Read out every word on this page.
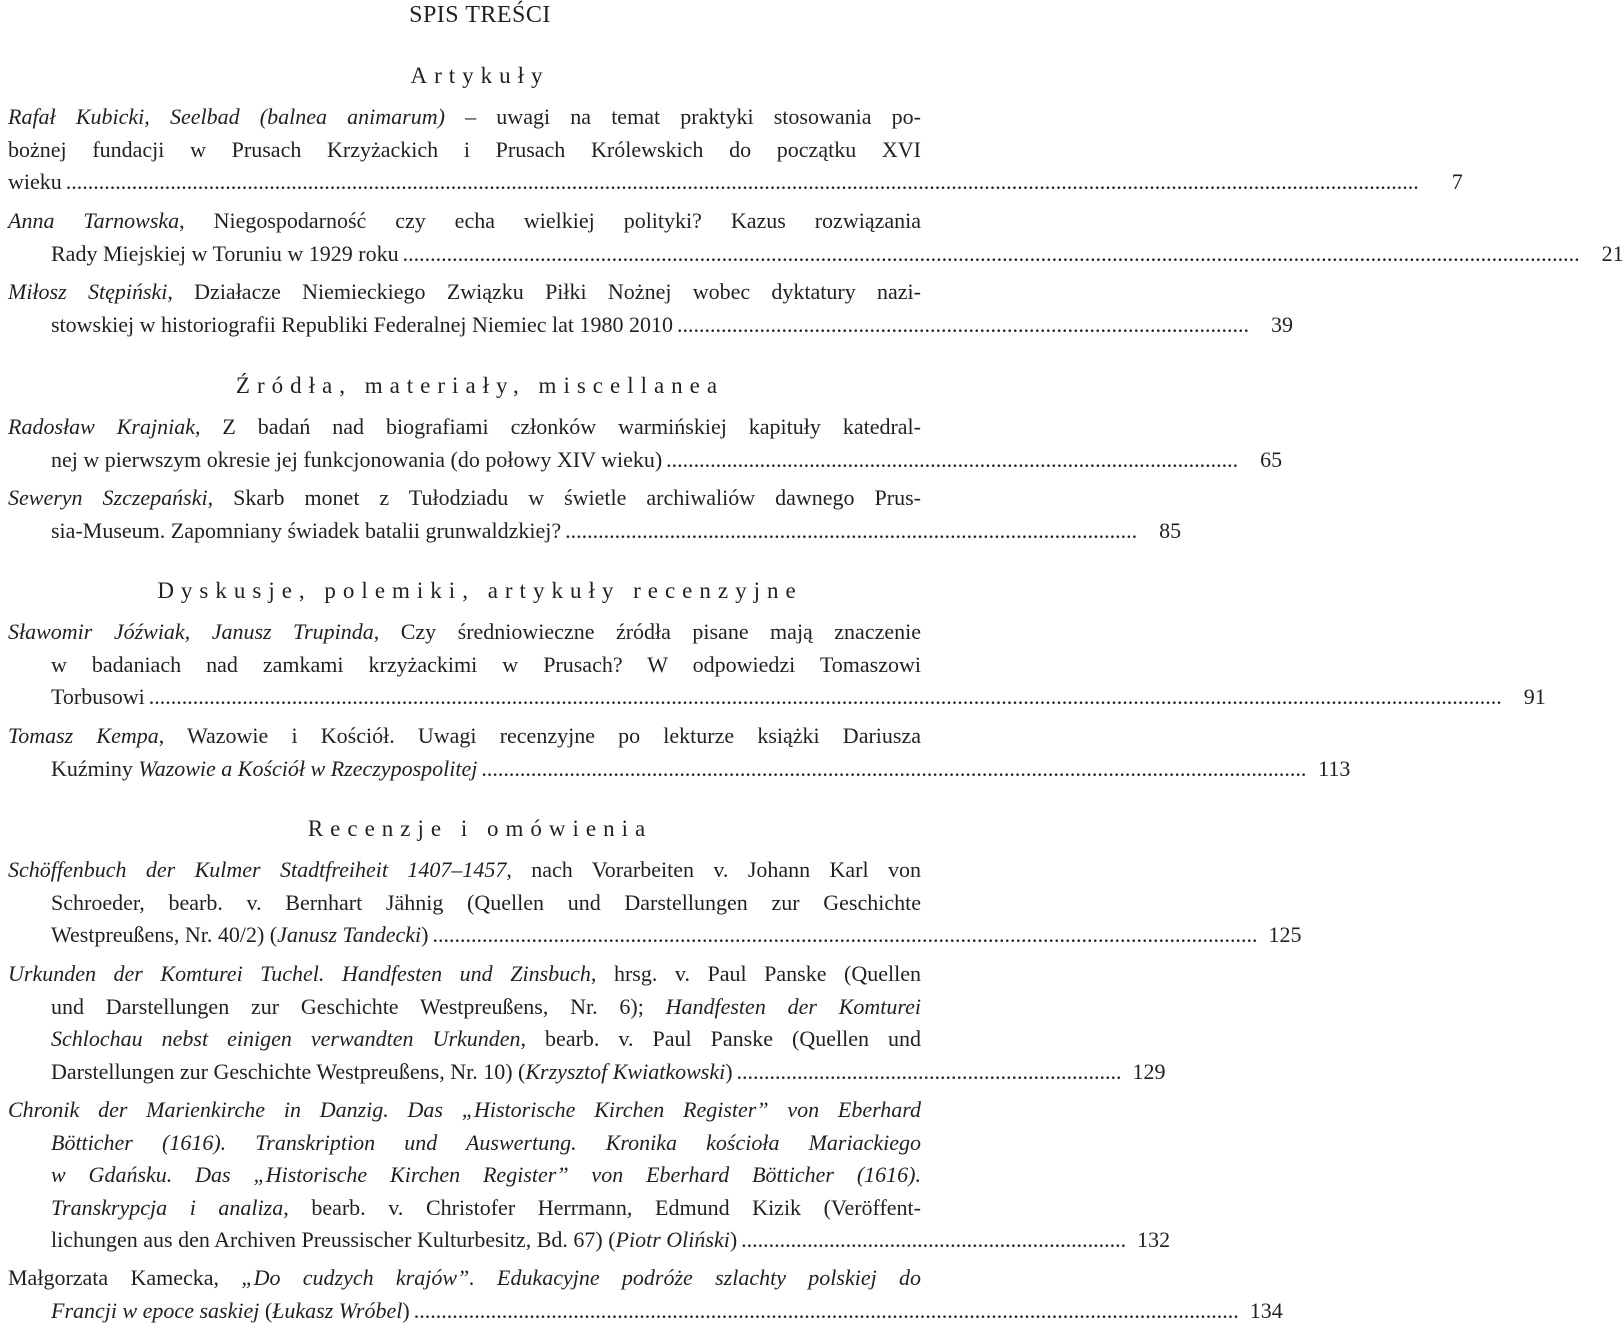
SPIS TREŚCI
Artykuły
Rafał Kubicki, Seelbad (balnea animarum) – uwagi na temat praktyki stosowania po-
bożnej fundacji w Prusach Krzyżackich i Prusach Królewskich do początku XVI
wieku ......................................................................................................................................................................................................................................................	7
Anna Tarnowska, Niegospodarność czy echa wielkiej polityki? Kazus rozwiązania
Rady Miejskiej w Toruniu w 1929 roku ......................................................................................................................................................................................................................	21
Miłosz Stępiński, Działacze Niemieckiego Związku Piłki Nożnej wobec dyktatury nazi-
stowskiej w historiografii Republiki Federalnej Niemiec lat 1980 2010 ........................................................................................................	39
Źródła, materiały, miscellanea
Radosław Krajniak, Z badań nad biografiami członków warmińskiej kapituły katedral-
nej w pierwszym okresie jej funkcjonowania (do połowy XIV wieku) ........................................................................................................	65
Seweryn Szczepański, Skarb monet z Tułodziadu w świetle archiwaliów dawnego Prus-
sia-Museum. Zapomniany świadek batalii grunwaldzkiej? ........................................................................................................	85
Dyskusje, polemiki, artykuły recenzyjne
Sławomir Jóźwiak, Janusz Trupinda, Czy średniowieczne źródła pisane mają znaczenie
w badaniach nad zamkami krzyżackimi w Prusach? W odpowiedzi Tomaszowi
Torbusowi ......................................................................................................................................................................................................................................................	91
Tomasz Kempa, Wazowie i Kościół. Uwagi recenzyjne po lekturze książki Dariusza
Kuźminy Wazowie a Kościół w Rzeczypospolitej ...................................................................................................................................................... 113
Recenzje i omówienia
Schöffenbuch der Kulmer Stadtfreiheit 1407–1457, nach Vorarbeiten v. Johann Karl von
Schroeder, bearb. v. Bernhart Jähnig (Quellen und Darstellungen zur Geschichte
Westpreußens, Nr. 40/2) (Janusz Tandecki) ...................................................................................................................................................... 125
Urkunden der Komturei Tuchel. Handfesten und Zinsbuch, hrsg. v. Paul Panske (Quellen
und Darstellungen zur Geschichte Westpreußens, Nr. 6); Handfesten der Komturei
Schlochau nebst einigen verwandten Urkunden, bearb. v. Paul Panske (Quellen und
Darstellungen zur Geschichte Westpreußens, Nr. 10) (Krzysztof Kwiatkowski) ...................................................................... 129
Chronik der Marienkirche in Danzig. Das „Historische Kirchen Register” von Eberhard
Bötticher (1616). Transkription und Auswertung. Kronika kościoła Mariackiego
w Gdańsku. Das „Historische Kirchen Register” von Eberhard Bötticher (1616).
Transkrypcja i analiza, bearb. v. Christofer Herrmann, Edmund Kizik (Veröffent-
lichungen aus den Archiven Preussischer Kulturbesitz, Bd. 67) (Piotr Oliński) ...................................................................... 132
Małgorzata Kamecka, „Do cudzych krajów”. Edukacyjne podróże szlachty polskiej do
Francji w epoce saskiej (Łukasz Wróbel) ...................................................................................................................................................... 134
